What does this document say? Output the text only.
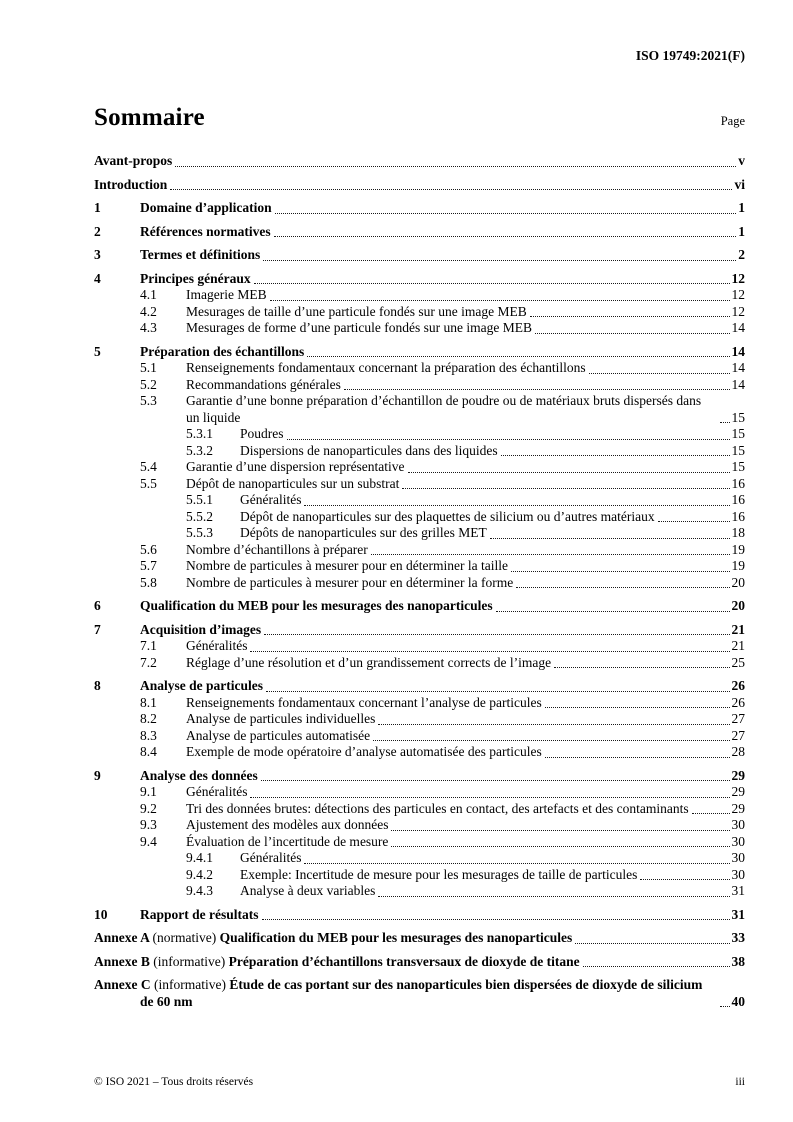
ISO 19749:2021(F)
Sommaire	Page
Avant-propos	v
Introduction	vi
1	Domaine d’application	1
2	Références normatives	1
3	Termes et définitions	2
4	Principes généraux	12
4.1	Imagerie MEB	12
4.2	Mesurages de taille d’une particule fondés sur une image MEB	12
4.3	Mesurages de forme d’une particule fondés sur une image MEB	14
5	Préparation des échantillons	14
5.1	Renseignements fondamentaux concernant la préparation des échantillons	14
5.2	Recommandations générales	14
5.3	Garantie d’une bonne préparation d’échantillon de poudre ou de matériaux bruts dispersés dans un liquide	15
5.3.1	Poudres	15
5.3.2	Dispersions de nanoparticules dans des liquides	15
5.4	Garantie d’une dispersion représentative	15
5.5	Dépôt de nanoparticules sur un substrat	16
5.5.1	Généralités	16
5.5.2	Dépôt de nanoparticules sur des plaquettes de silicium ou d’autres matériaux	16
5.5.3	Dépôts de nanoparticules sur des grilles MET	18
5.6	Nombre d’échantillons à préparer	19
5.7	Nombre de particules à mesurer pour en déterminer la taille	19
5.8	Nombre de particules à mesurer pour en déterminer la forme	20
6	Qualification du MEB pour les mesurages des nanoparticules	20
7	Acquisition d’images	21
7.1	Généralités	21
7.2	Réglage d’une résolution et d’un grandissement corrects de l’image	25
8	Analyse de particules	26
8.1	Renseignements fondamentaux concernant l’analyse de particules	26
8.2	Analyse de particules individuelles	27
8.3	Analyse de particules automatisée	27
8.4	Exemple de mode opératoire d’analyse automatisée des particules	28
9	Analyse des données	29
9.1	Généralités	29
9.2	Tri des données brutes: détections des particules en contact, des artefacts et des contaminants	29
9.3	Ajustement des modèles aux données	30
9.4	Évaluation de l’incertitude de mesure	30
9.4.1	Généralités	30
9.4.2	Exemple: Incertitude de mesure pour les mesurages de taille de particules	30
9.4.3	Analyse à deux variables	31
10	Rapport de résultats	31
Annexe A (normative) Qualification du MEB pour les mesurages des nanoparticules	33
Annexe B (informative) Préparation d’échantillons transversaux de dioxyde de titane	38
Annexe C (informative) Étude de cas portant sur des nanoparticules bien dispersées de dioxyde de silicium de 60 nm	40
© ISO 2021 – Tous droits réservés	iii
